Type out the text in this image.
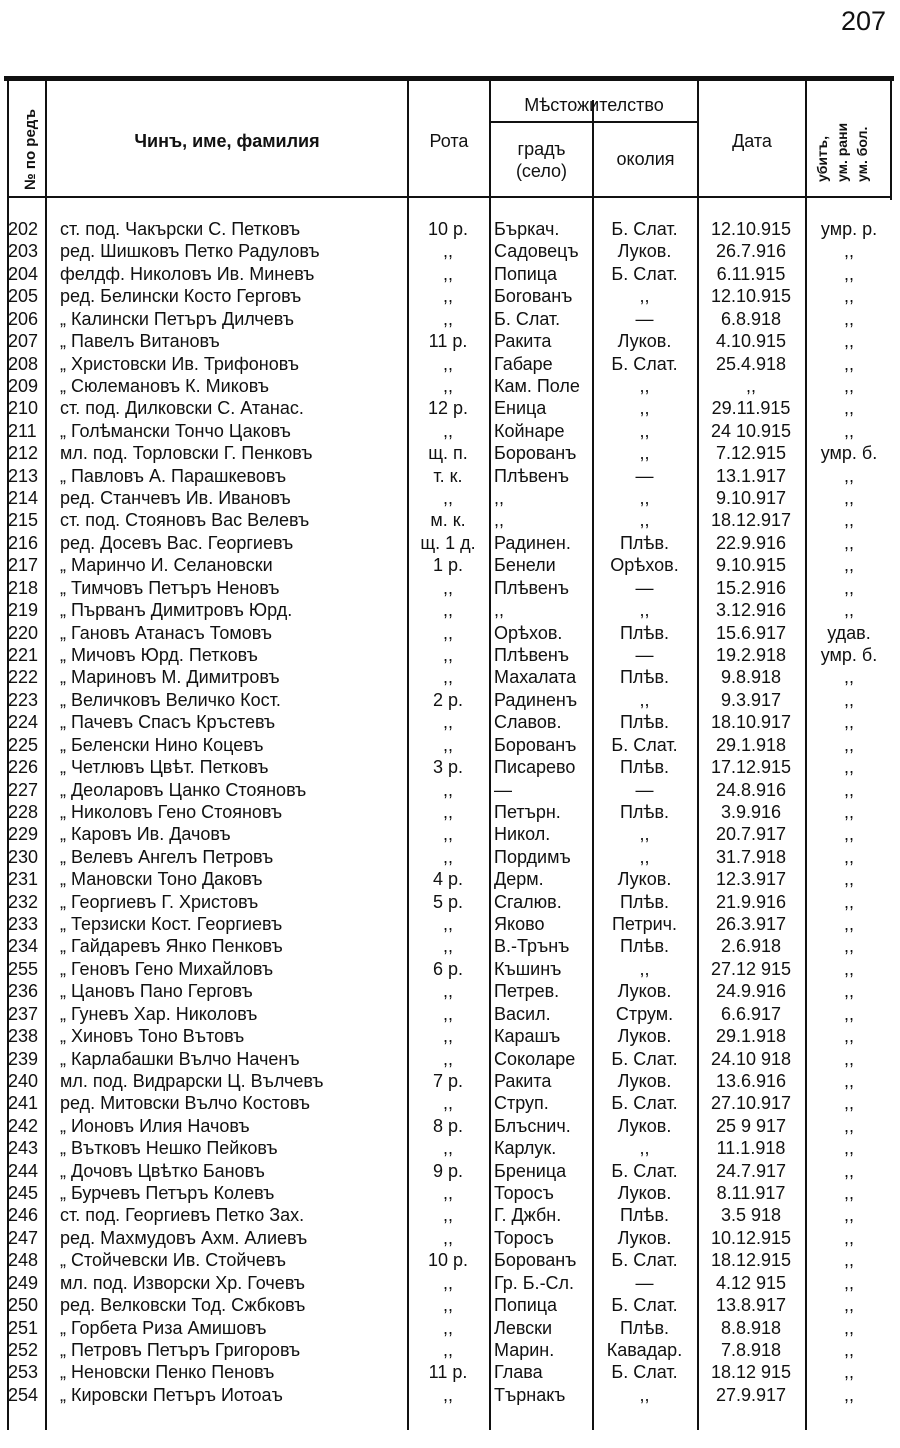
207
№ по редъ	Чинъ, име, фамилия	Рота
Мѣстожителство
градъ
(село)
околия
Дата	убитъ, ум. рани ум. бол.
202	ст. под. Чакърски С. Петковъ	10 р.	Бъркач.	Б. Слат.	12.10.915	умр. р.
203	ред. Шишковъ Петко Радуловъ	,,	Садовецъ	Луков.	26.7.916	,,
204	фелдф. Николовъ Ив. Миневъ	,,	Попица	Б. Слат.	6.11.915	,,
205	ред. Белински Косто Герговъ	,,	Бorованъ	,,	12.10.915	,,
206	„ Калински Петъръ Дилчевъ	,,	Б. Слат.	—	6.8.918	,,
207	„ Павелъ Витановъ	11 р.	Ракита	Луков.	4.10.915	,,
208	„ Христовски Ив. Трифоновъ	,,	Габаре	Б. Слат.	25.4.918	,,
209	„ Сюлемановъ К. Миковъ	,,	Кам. Поле	,,	,,	,,
210	ст. под. Дилковски С. Атанас.	12 р.	Еница	,,	29.11.915	,,
211	„ Голѣмански Тончо Цаковъ	,,	Койнаре	,,	24 10.915	,,
212	мл. под. Торловски Г. Пенковъ	щ. п.	Борованъ	,,	7.12.915	умр. б.
213	„ Павловъ А. Парашкевовъ	т. к.	Плѣвенъ	—	13.1.917	,,
214	ред. Станчевъ Ив. Ивановъ	,,	,,	,,	9.10.917	,,
215	ст. под. Стояновъ Вас Велевъ	м. к.	,,	,,	18.12.917	,,
216	ред. Досевъ Вас. Георгиевъ	щ. 1 д.	Радинен.	Плѣв.	22.9.916	,,
217	„ Маринчо И. Селановски	1 р.	Бенели	Орѣхов.	9.10.915	,,
218	„ Тимчовъ Петъръ Неновъ	,,	Плѣвенъ	—	15.2.916	,,
219	„ Първанъ Димитровъ Юрд.	,,	,,	,,	3.12.916	,,
220	„ Гановъ Атанасъ Томовъ	,,	Орѣхов.	Плѣв.	15.6.917	удав.
221	„ Мичовъ Юрд. Петковъ	,,	Плѣвенъ	—	19.2.918	умр. б.
222	„ Мариновъ М. Димитровъ	,,	Махалата	Плѣв.	9.8.918	,,
223	„ Величковъ Величко Кост.	2 р.	Радиненъ	,,	9.3.917	,,
224	„ Пачевъ Спасъ Кръстевъ	,,	Славов.	Плѣв.	18.10.917	,,
225	„ Беленски Нино Коцевъ	,,	Борованъ	Б. Слат.	29.1.918	,,
226	„ Четлювъ Цвѣт. Петковъ	3 р.	Писарево	Плѣв.	17.12.915	,,
227	„ Деоларовъ Цанко Стояновъ	,,	—	—	24.8.916	,,
228	„ Николовъ Гено Стояновъ	,,	Петърн.	Плѣв.	3.9.916	,,
229	„ Каровъ Ив. Дачовъ	,,	Никол.	,,	20.7.917	,,
230	„ Велевъ Ангелъ Петровъ	,,	Пордимъ	,,	31.7.918	,,
231	„ Мановски Тоно Даковъ	4 р.	Дерм.	Луков.	12.3.917	,,
232	„ Георгиевъ Г. Христовъ	5 р.	Сгалюв.	Плѣв.	21.9.916	,,
233	„ Терзиски Кост. Георгиевъ	,,	Яково	Петрич.	26.3.917	,,
234	„ Гайдаревъ Янко Пенковъ	,,	В.-Трънъ	Плѣв.	2.6.918	,,
255	„ Геновъ Гено Михайловъ	6 р.	Къшинъ	,,	27.12 915	,,
236	„ Цановъ Пано Герговъ	,,	Петрев.	Луков.	24.9.916	,,
237	„ Гуневъ Хар. Николовъ	,,	Васил.	Струм.	6.6.917	,,
238	„ Хиновъ Тоно Вътовъ	,,	Карашъ	Луков.	29.1.918	,,
239	„ Карлабашки Вълчо Наченъ	,,	Соколаре	Б. Слат.	24.10 918	,,
240	мл. под. Видрарски Ц. Вълчевъ	7 р.	Ракита	Луков.	13.6.916	,,
241	ред. Митовски Вълчо Костовъ	,,	Струп.	Б. Слат.	27.10.917	,,
242	„ Ионовъ Илия Начовъ	8 р.	Блъснич.	Луков.	25 9 917	,,
243	„ Вътковъ Нешко Пейковъ	,,	Карлук.	,,	11.1.918	,,
244	„ Дочовъ Цвѣтко Бановъ	9 р.	Бреница	Б. Слат.	24.7.917	,,
245	„ Бурчевъ Петъръ Колевъ	,,	Торосъ	Луков.	8.11.917	,,
246	ст. под. Георгиевъ Петко Зах.	,,	Г. Джбн.	Плѣв.	3.5 918	,,
247	ред. Махмудовъ Ахм. Алиевъ	,,	Торосъ	Луков.	10.12.915	,,
248	„ Стойчевски Ив. Стойчевъ	10 р.	Борованъ	Б. Слат.	18.12.915	,,
249	мл. под. Изворски Хр. Гочевъ	,,	Гр. Б.-Сл.	—	4.12 915	,,
250	ред. Велковски Тод. Сжбковъ	,,	Попица	Б. Слат.	13.8.917	,,
251	„ Горбета Риза Амишовъ	,,	Левски	Плѣв.	8.8.918	,,
252	„ Петровъ Петъръ Григоровъ	,,	Марин.	Кавадар.	7.8.918	,,
253	„ Неновски Пенко Пеновъ	11 р.	Глава	Б. Слат.	18.12 915	,,
254	„ Кировски Петъръ Иотоаъ	,,	Търнакъ	,,	27.9.917	,,
